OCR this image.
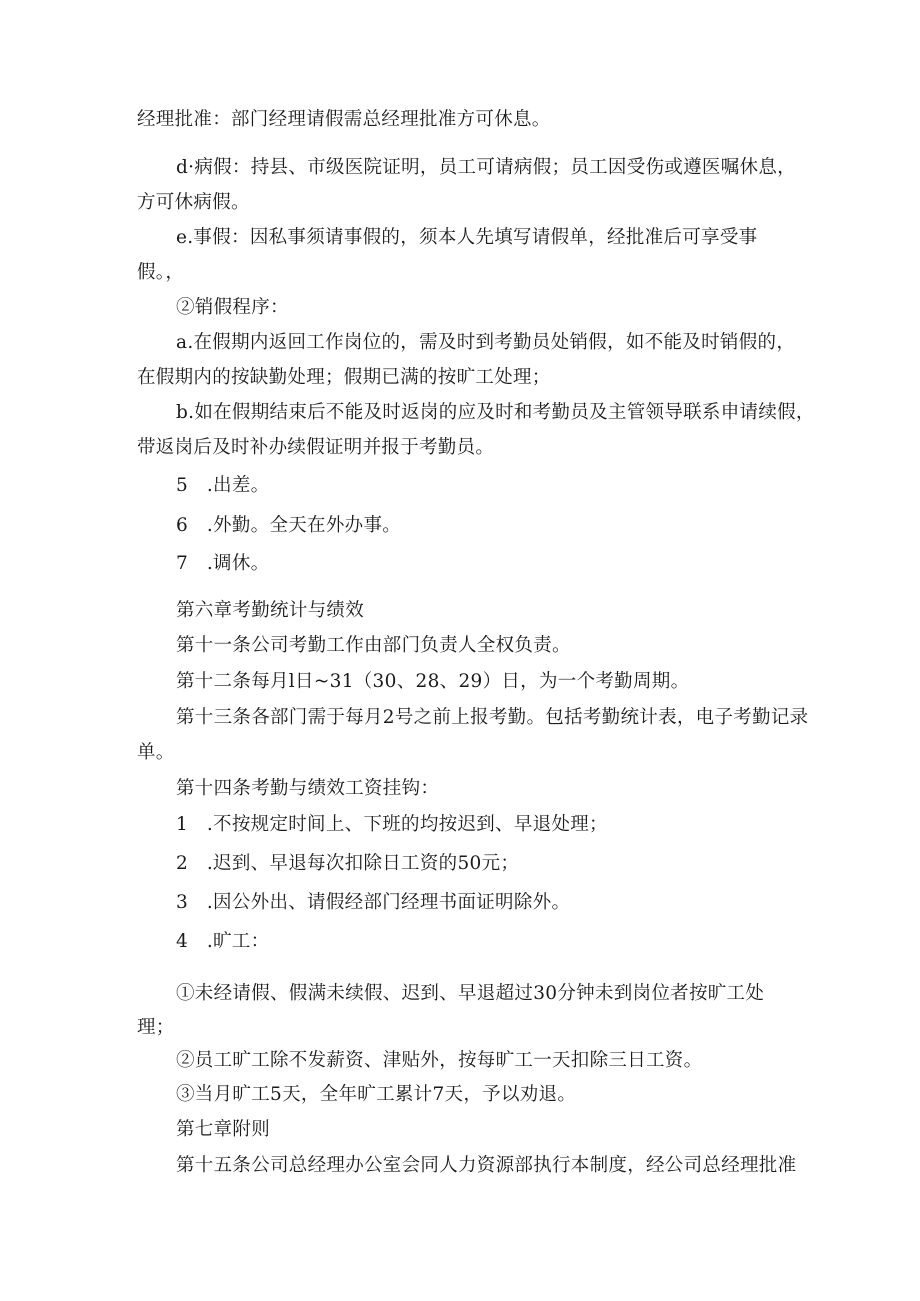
经理批准：部门经理请假需总经理批准方可休息。
d·病假：持县、市级医院证明，员工可请病假；员工因受伤或遵医嘱休息，
方可休病假。
e.事假：因私事须请事假的，须本人先填写请假单，经批准后可享受事
假。，
②销假程序：
a.在假期内返回工作岗位的，需及时到考勤员处销假，如不能及时销假的，
在假期内的按缺勤处理；假期已满的按旷工处理；
b.如在假期结束后不能及时返岗的应及时和考勤员及主管领导联系申请续假，
带返岗后及时补办续假证明并报于考勤员。
5　.出差。
6　.外勤。全天在外办事。
7　.调休。
第六章考勤统计与绩效
第十一条公司考勤工作由部门负责人全权负责。
第十二条每月l日~31（30、28、29）日，为一个考勤周期。
第十三条各部门需于每月2号之前上报考勤。包括考勤统计表，电子考勤记录
单。
第十四条考勤与绩效工资挂钩：
1　.不按规定时间上、下班的均按迟到、早退处理；
2　.迟到、早退每次扣除日工资的50元；
3　.因公外出、请假经部门经理书面证明除外。
4　.旷工：
①未经请假、假满未续假、迟到、早退超过30分钟未到岗位者按旷工处
理；
②员工旷工除不发薪资、津贴外，按每旷工一天扣除三日工资。
③当月旷工5天，全年旷工累计7天，予以劝退。
第七章附则
第十五条公司总经理办公室会同人力资源部执行本制度，经公司总经理批准
